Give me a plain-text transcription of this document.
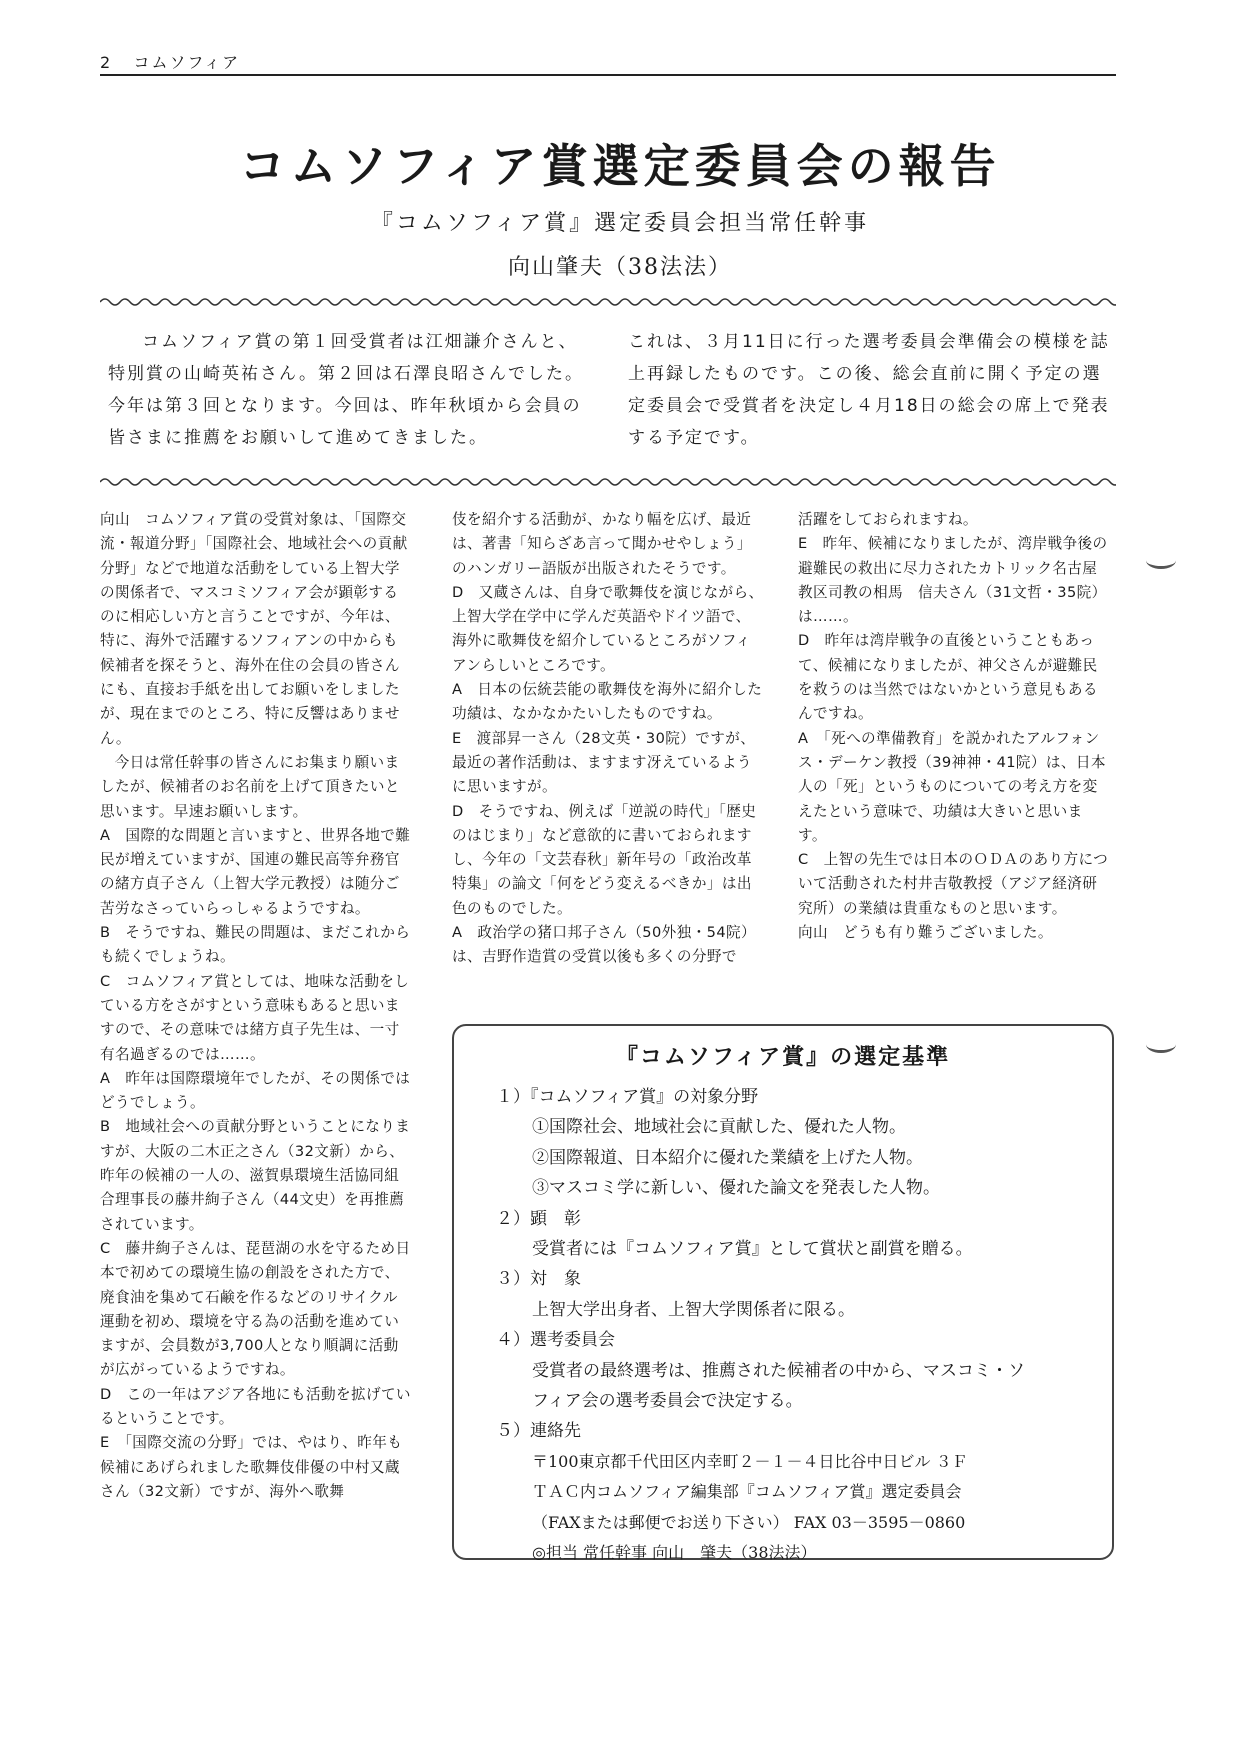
2 コムソフィア
コムソフィア賞選定委員会の報告
『コムソフィア賞』選定委員会担当常任幹事
向山肇夫（38法法）

コムソフィア賞の第１回受賞者は江畑謙介さんと、特別賞の山崎英祐さん。第２回は石澤良昭さんでした。今年は第３回となります。今回は、昨年秋頃から会員の皆さまに推薦をお願いして進めてきました。

これは、３月11日に行った選考委員会準備会の模様を誌上再録したものです。この後、総会直前に開く予定の選定委員会で受賞者を決定し４月18日の総会の席上で発表する予定です。

向山　コムソフィア賞の受賞対象は、「国際交流・報道分野」「国際社会、地域社会への貢献分野」などで地道な活動をしている上智大学の関係者で、マスコミソフィア会が顕彰するのに相応しい方と言うことですが、今年は、特に、海外で活躍するソフィアンの中からも候補者を探そうと、海外在住の会員の皆さんにも、直接お手紙を出してお願いをしましたが、現在までのところ、特に反響はありません。

今日は常任幹事の皆さんにお集まり願いましたが、候補者のお名前を上げて頂きたいと思います。早速お願いします。

A　国際的な問題と言いますと、世界各地で難民が増えていますが、国連の難民高等弁務官の緒方貞子さん（上智大学元教授）は随分ご苦労なさっていらっしゃるようですね。

B　そうですね、難民の問題は、まだこれからも続くでしょうね。

C　コムソフィア賞としては、地味な活動をしている方をさがすという意味もあると思いますので、その意味では緒方貞子先生は、一寸有名過ぎるのでは……。

A　昨年は国際環境年でしたが、その関係ではどうでしょう。

B　地域社会への貢献分野ということになりますが、大阪の二木正之さん（32文新）から、昨年の候補の一人の、滋賀県環境生活協同組合理事長の藤井絢子さん（44文史）を再推薦されています。

C　藤井絢子さんは、琵琶湖の水を守るため日本で初めての環境生協の創設をされた方で、廃食油を集めて石鹸を作るなどのリサイクル運動を初め、環境を守る為の活動を進めていますが、会員数が3,700人となり順調に活動が広がっているようですね。

D　この一年はアジア各地にも活動を拡げているということです。

E　「国際交流の分野」では、やはり、昨年も候補にあげられました歌舞伎俳優の中村又蔵さん（32文新）ですが、海外へ歌舞

伎を紹介する活動が、かなり幅を広げ、最近は、著書「知らざあ言って聞かせやしょう」のハンガリー語版が出版されたそうです。

D　又蔵さんは、自身で歌舞伎を演じながら、上智大学在学中に学んだ英語やドイツ語で、海外に歌舞伎を紹介しているところがソフィアンらしいところです。

A　日本の伝統芸能の歌舞伎を海外に紹介した功績は、なかなかたいしたものですね。

E　渡部昇一さん（28文英・30院）ですが、最近の著作活動は、ますます冴えているように思いますが。

D　そうですね、例えば「逆説の時代」「歴史のはじまり」など意欲的に書いておられますし、今年の「文芸春秋」新年号の「政治改革特集」の論文「何をどう変えるべきか」は出色のものでした。

A　政治学の猪口邦子さん（50外独・54院）は、吉野作造賞の受賞以後も多くの分野で

活躍をしておられますね。

E　昨年、候補になりましたが、湾岸戦争後の避難民の救出に尽力されたカトリック名古屋教区司教の相馬　信夫さん（31文哲・35院）は……。

D　昨年は湾岸戦争の直後ということもあって、候補になりましたが、神父さんが避難民を救うのは当然ではないかという意見もあるんですね。

A　「死への準備教育」を説かれたアルフォンス・デーケン教授（39神神・41院）は、日本人の「死」というものについての考え方を変えたという意味で、功績は大きいと思います。

C　上智の先生では日本のＯＤＡのあり方について活動された村井吉敬教授（アジア経済研究所）の業績は貴重なものと思います。

向山　どうも有り難うございました。

『コムソフィア賞』の選定基準
１）『コムソフィア賞』の対象分野
①国際社会、地域社会に貢献した、優れた人物。
②国際報道、日本紹介に優れた業績を上げた人物。
③マスコミ学に新しい、優れた論文を発表した人物。
２）顕　彰
受賞者には『コムソフィア賞』として賞状と副賞を贈る。
３）対　象
上智大学出身者、上智大学関係者に限る。
４）選考委員会
受賞者の最終選考は、推薦された候補者の中から、マスコミ・ソ
フィア会の選考委員会で決定する。
５）連絡先
〒100東京都千代田区内幸町２－１－４日比谷中日ビル ３Ｆ
ＴＡＣ内コムソフィア編集部『コムソフィア賞』選定委員会
（FAXまたは郵便でお送り下さい） FAX 03－3595－0860
◎担当 常任幹事 向山　肇夫（38法法）
